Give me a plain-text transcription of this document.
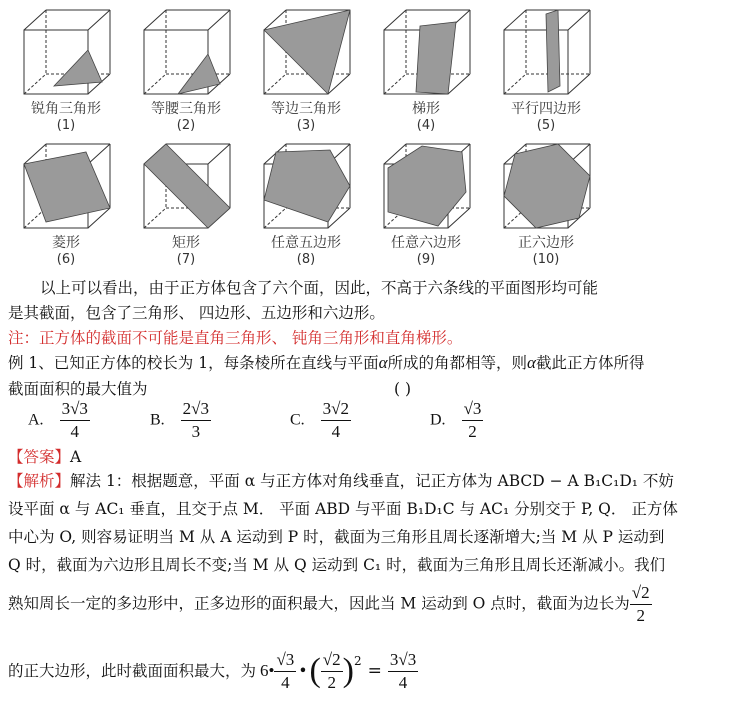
锐角三角形
(1)
等腰三角形
(2)
等边三角形
(3)
梯形
(4)
平行四边形
(5)
菱形
(6)
矩形
(7)
任意五边形
(8)
任意六边形
(9)
正六边形
(10)
以上可以看出，由于正方体包含了六个面，因此，不高于六条线的平面图形均可能
是其截面，包含了三角形、 四边形、五边形和六边形。
注：正方体的截面不可能是直角三角形、 钝角三角形和直角梯形。
例 1、已知正方体的校长为 1，每条棱所在直线与平面α所成的角都相等，则α截此正方体所得
截面面积的最大值为	( )
A. $\frac{3√3}{4}$	B. $\frac{2√3}{3}$	C. $\frac{3√2}{4}$	D. $\frac{√3}{2}$
【答案】A
【解析】解法 1：根据题意，平面 α 与正方体对角线垂直，记正方体为 ABCD − A B₁C₁D₁ 不妨
设平面 α 与 AC₁ 垂直，且交于点 M． 平面 ABD 与平面 B₁D₁C 与 AC₁ 分别交于 P, Q． 正方体
中心为 O, 则容易证明当 M 从 A 运动到 P 时，截面为三角形且周长逐渐增大;当 M 从 P 运动到
Q 时，截面为六边形且周长不变;当 M 从 Q 运动到 C₁ 时，截面为三角形且周长还渐减小。我们
熟知周长一定的多边形中，正多边形的面积最大，因此当 M 运动到 O 点时，截面为边长为 $\frac{√2}{2}$
的正大边形，此时截面面积最大，为 6• $\frac{√3}{4}$ • ( $\frac{√2}{2}$ ) $2 = \frac{3√3}{4}$
